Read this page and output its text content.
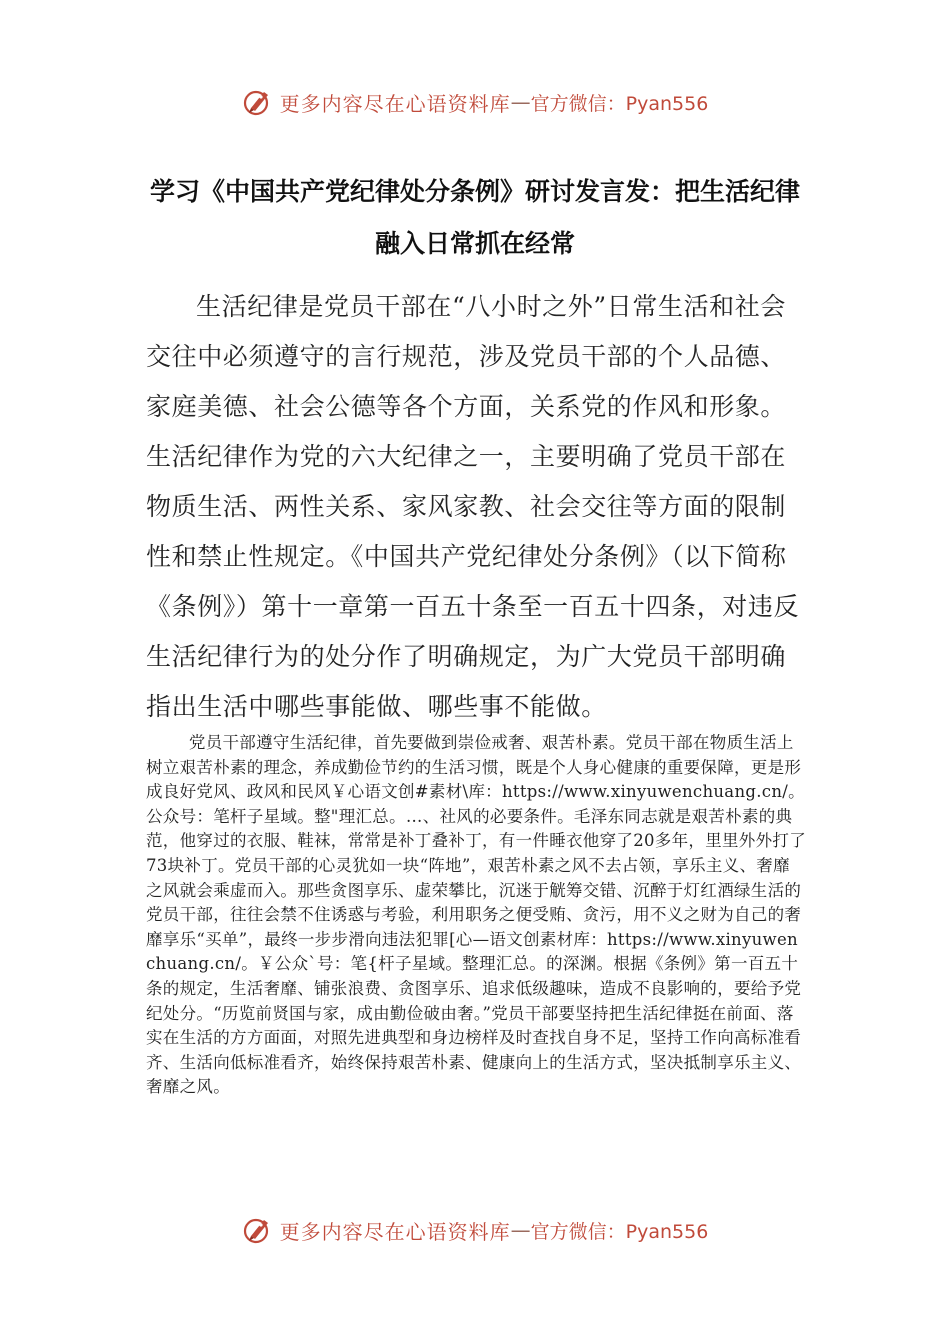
更多内容尽在心语资料库 — 官方微信：Pyan556
学习《中国共产党纪律处分条例》研讨发言发：把生活纪律融入日常抓在经常

生活纪律是党员干部在“八小时之外”日常生活和社会交往中必须遵守的言行规范，涉及党员干部的个人品德、家庭美德、社会公德等各个方面，关系党的作风和形象。生活纪律作为党的六大纪律之一，主要明确了党员干部在物质生活、两性关系、家风家教、社会交往等方面的限制性和禁止性规定。《中国共产党纪律处分条例》（以下简称《条例》）第十一章第一百五十条至一百五十四条，对违反生活纪律行为的处分作了明确规定，为广大党员干部明确指出生活中哪些事能做、哪些事不能做。

党员干部遵守生活纪律，首先要做到崇俭戒奢、艰苦朴素。党员干部在物质生活上树立艰苦朴素的理念，养成勤俭节约的生活习惯，既是个人身心健康的重要保障，更是形成良好党风、政风和民风￥心语文创#素材\库：https://www.xinyuwenchuang.cn/。公众号：笔杆子星域。整"理汇总。…、社风的必要条件。毛泽东同志就是艰苦朴素的典范，他穿过的衣服、鞋袜，常常是补丁叠补丁，有一件睡衣他穿了20多年，里里外外打了73块补丁。党员干部的心灵犹如一块“阵地”，艰苦朴素之风不去占领，享乐主义、奢靡之风就会乘虚而入。那些贪图享乐、虚荣攀比，沉迷于觥筹交错、沉醉于灯红酒绿生活的党员干部，往往会禁不住诱惑与考验，利用职务之便受贿、贪污，用不义之财为自己的奢靡享乐“买单”，最终一步步滑向违法犯罪[心—语文创素材库：https://www.xinyuwenchuang.cn/。￥公众`号：笔{杆子星域。整理汇总。的深渊。根据《条例》第一百五十条的规定，生活奢靡、铺张浪费、贪图享乐、追求低级趣味，造成不良影响的，要给予党纪处分。“历览前贤国与家，成由勤俭破由奢。”党员干部要坚持把生活纪律挺在前面、落实在生活的方方面面，对照先进典型和身边榜样及时查找自身不足，坚持工作向高标准看齐、生活向低标准看齐，始终保持艰苦朴素、健康向上的生活方式，坚决抵制享乐主义、奢靡之风。

更多内容尽在心语资料库 — 官方微信：Pyan556
